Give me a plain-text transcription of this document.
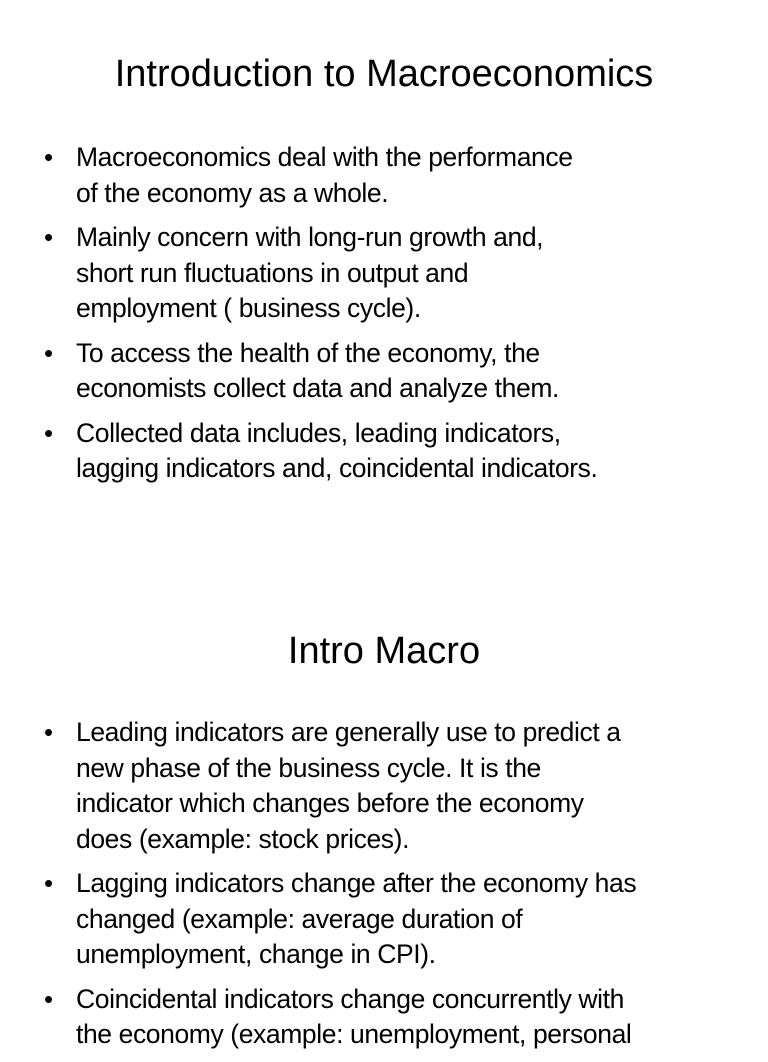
Introduction to Macroeconomics
• Macroeconomics deal with the performance
of the economy as a whole.
• Mainly concern with long-run growth and,
short run fluctuations in output and
employment ( business cycle).
• To access the health of the economy, the
economists collect data and analyze them.
• Collected data includes, leading indicators,
lagging indicators and, coincidental indicators.
Intro Macro
• Leading indicators are generally use to predict a
new phase of the business cycle. It is the
indicator which changes before the economy
does (example: stock prices).
• Lagging indicators change after the economy has
changed (example: average duration of
unemployment, change in CPI).
• Coincidental indicators change concurrently with
the economy (example: unemployment, personal
